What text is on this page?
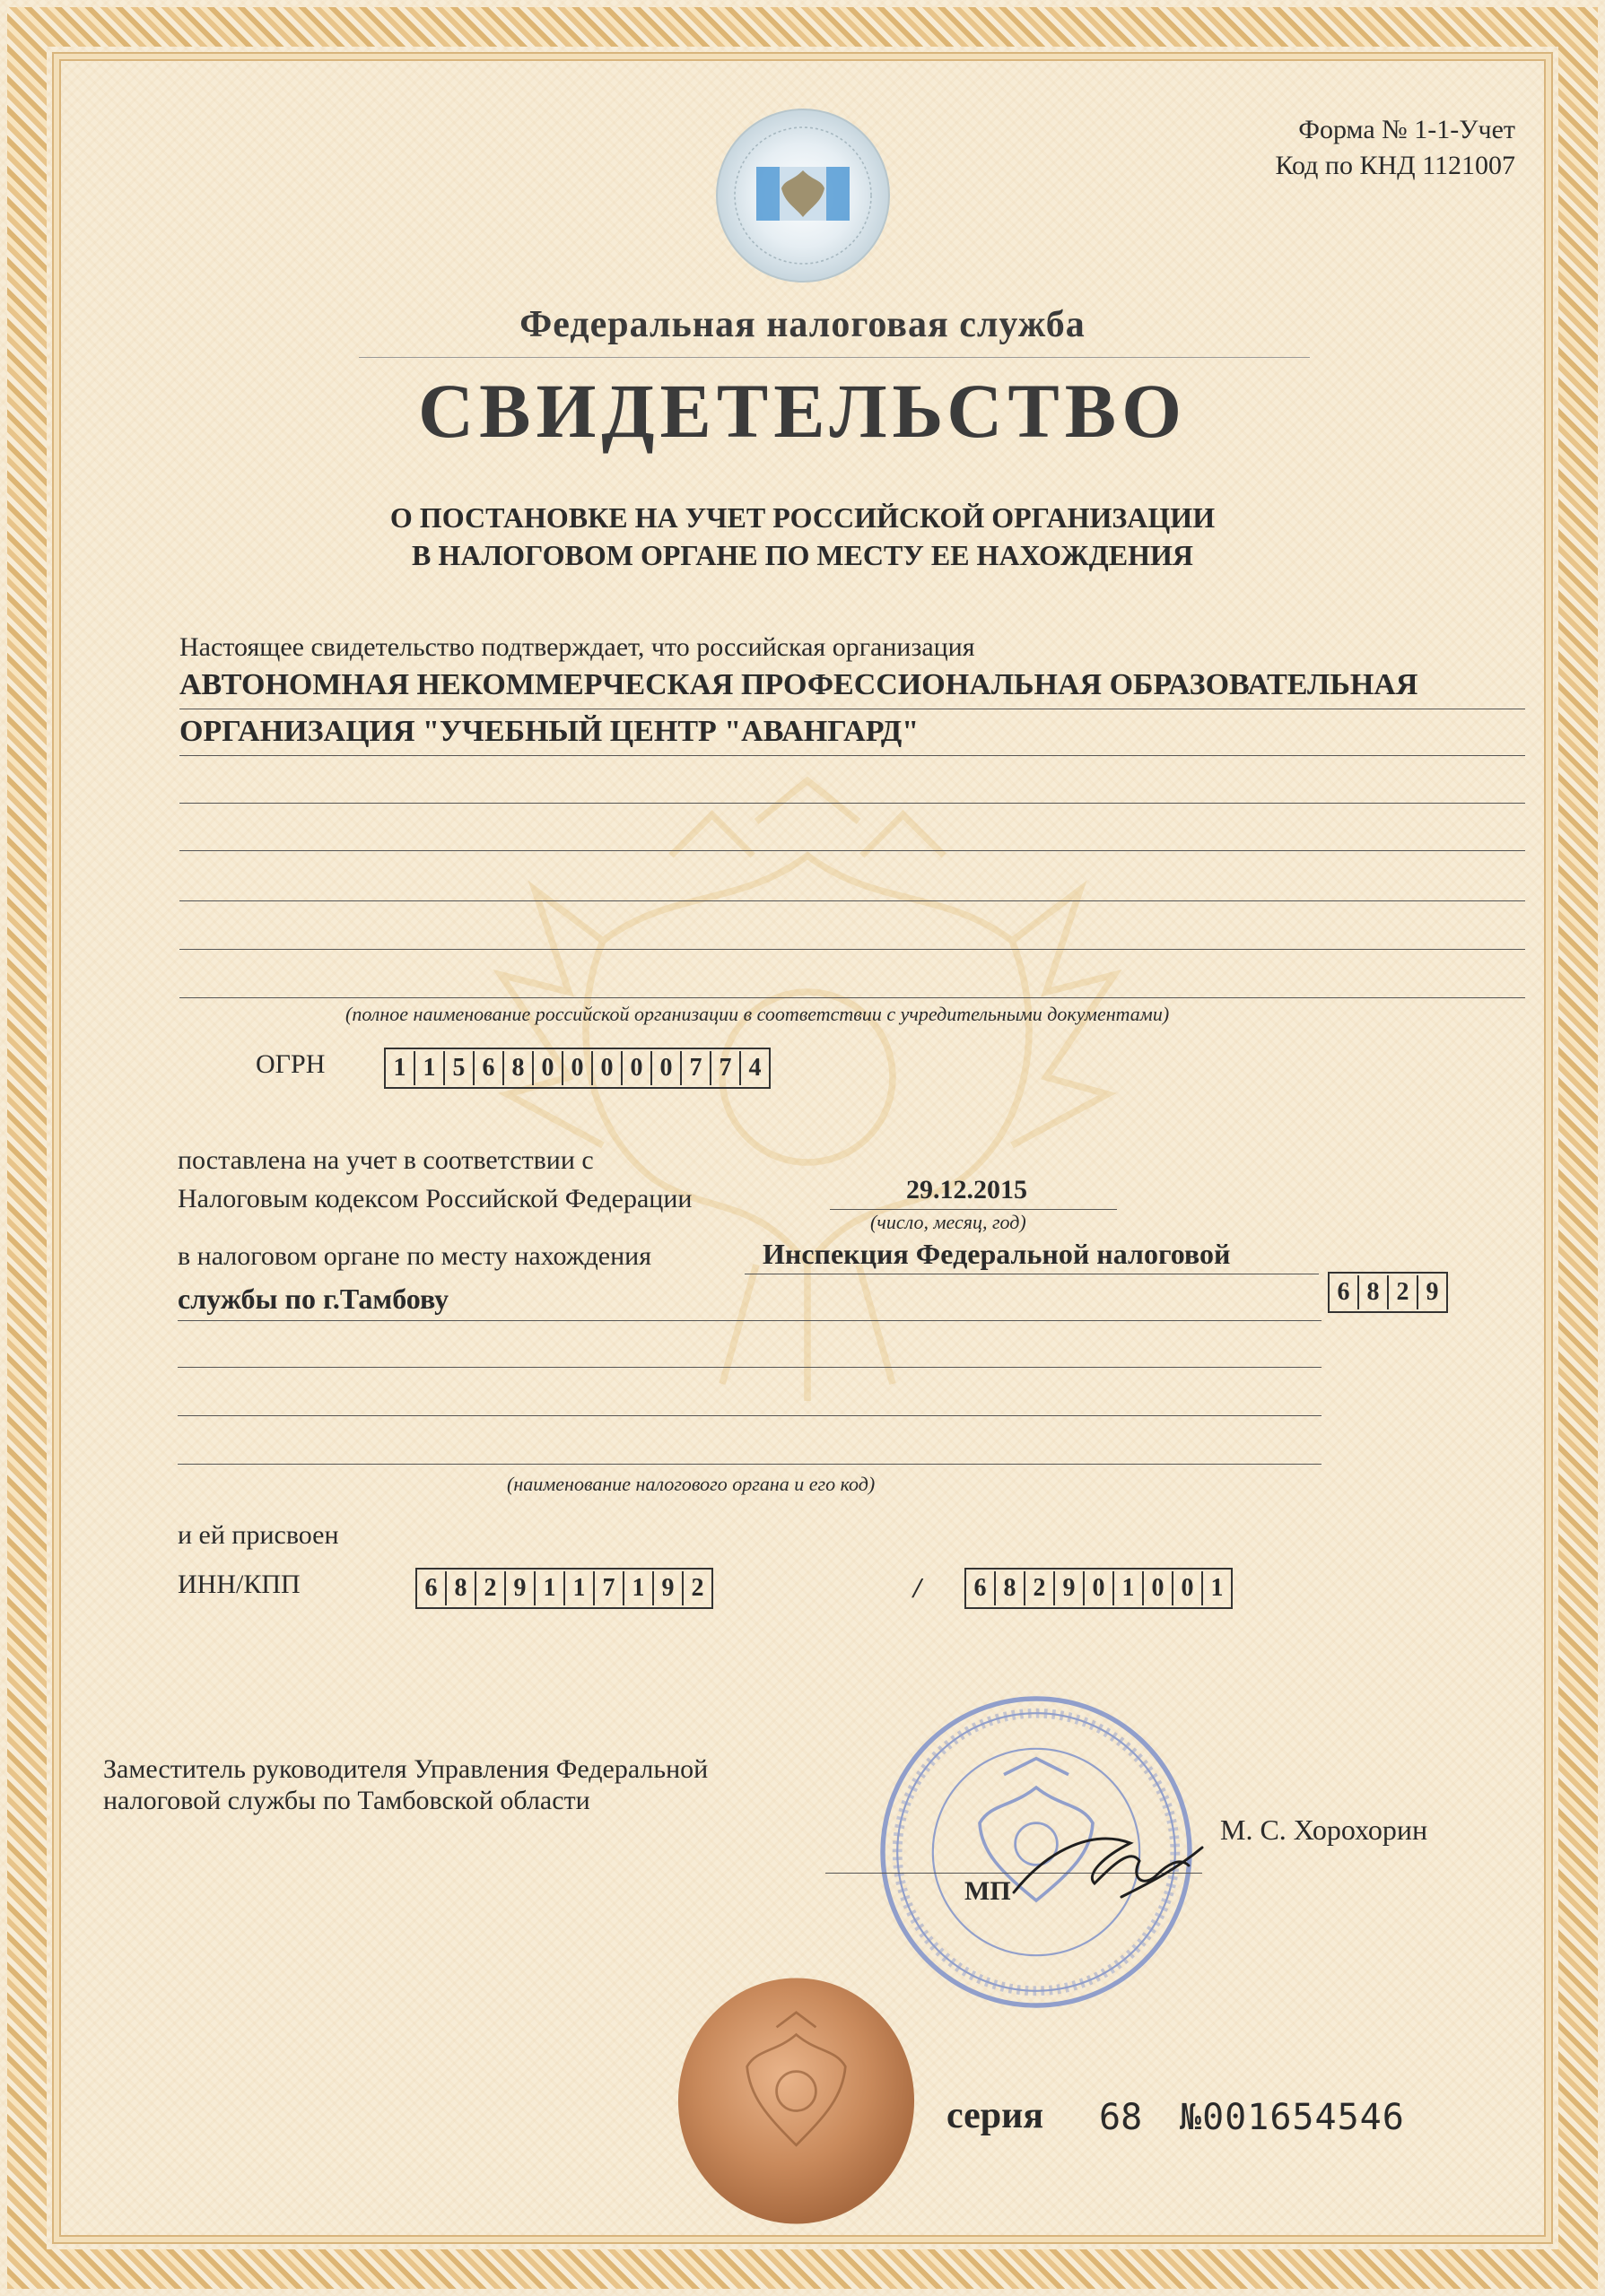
Форма № 1-1-Учет
Код по КНД 1121007
Федеральная налоговая служба
СВИДЕТЕЛЬСТВО
О ПОСТАНОВКЕ НА УЧЕТ РОССИЙСКОЙ ОРГАНИЗАЦИИ
В НАЛОГОВОМ ОРГАНЕ ПО МЕСТУ ЕЕ НАХОЖДЕНИЯ
Настоящее свидетельство подтверждает, что российская организация
АВТОНОМНАЯ НЕКОММЕРЧЕСКАЯ ПРОФЕССИОНАЛЬНАЯ ОБРАЗОВАТЕЛЬНАЯ
ОРГАНИЗАЦИЯ "УЧЕБНЫЙ ЦЕНТР "АВАНГАРД"
(полное наименование российской организации в соответствии с учредительными документами)
ОГРН	1 1 5 6 8 0 0 0 0 0 7 7 4
поставлена на учет в соответствии с
Налоговым кодексом Российской Федерации	29.12.2015
(число, месяц, год)
в налоговом органе по месту нахождения	Инспекция Федеральной налоговой
службы по г.Тамбову	6 8 2 9
(наименование налогового органа и его код)
и ей присвоен
ИНН/КПП	6 8 2 9 1 1 7 1 9 2	/	6 8 2 9 0 1 0 0 1
Заместитель руководителя Управления Федеральной налоговой службы по Тамбовской области
МП
М. С. Хорохорин
серия 68 №001654546
